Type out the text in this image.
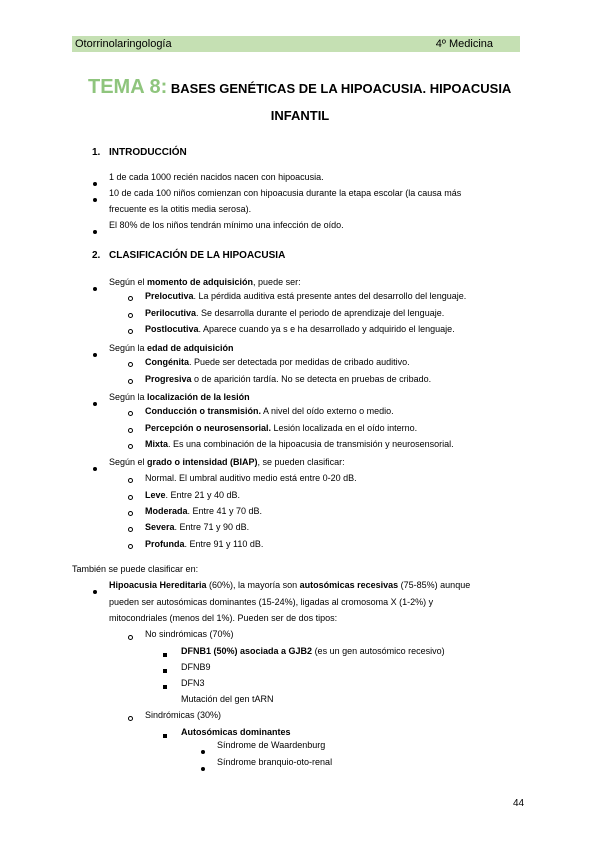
Otorrinolaringología	4º Medicina
TEMA 8: BASES GENÉTICAS DE LA HIPOACUSIA. HIPOACUSIA
INFANTIL
1. INTRODUCCIÓN
1 de cada 1000 recién nacidos nacen con hipoacusia.
10 de cada 100 niños comienzan con hipoacusia durante la etapa escolar (la causa más
frecuente es la otitis media serosa).
El 80% de los niños tendrán mínimo una infección de oído.
2. CLASIFICACIÓN DE LA HIPOACUSIA
Según el momento de adquisición, puede ser:
Prelocutiva. La pérdida auditiva está presente antes del desarrollo del lenguaje.
Perilocutiva. Se desarrolla durante el periodo de aprendizaje del lenguaje.
Postlocutiva. Aparece cuando ya s e ha desarrollado y adquirido el lenguaje.
Según la edad de adquisición
Congénita. Puede ser detectada por medidas de cribado auditivo.
Progresiva o de aparición tardía. No se detecta en pruebas de cribado.
Según la localización de la lesión
Conducción o transmisión. A nivel del oído externo o medio.
Percepción o neurosensorial. Lesión localizada en el oído interno.
Mixta. Es una combinación de la hipoacusia de transmisión y neurosensorial.
Según el grado o intensidad (BIAP), se pueden clasificar:
Normal. El umbral auditivo medio está entre 0-20 dB.
Leve. Entre 21 y 40 dB.
Moderada. Entre 41 y 70 dB.
Severa. Entre 71 y 90 dB.
Profunda. Entre 91 y 110 dB.
También se puede clasificar en:
Hipoacusia Hereditaria (60%), la mayoría son autosómicas recesivas (75-85%) aunque
pueden ser autosómicas dominantes (15-24%), ligadas al cromosoma X (1-2%) y
mitocondriales (menos del 1%). Pueden ser de dos tipos:
No sindrómicas (70%)
DFNB1 (50%) asociada a GJB2 (es un gen autosómico recesivo)
DFNB9
DFN3
Mutación del gen tARN
Sindrómicas (30%)
Autosómicas dominantes
Síndrome de Waardenburg
Síndrome branquio-oto-renal
44
